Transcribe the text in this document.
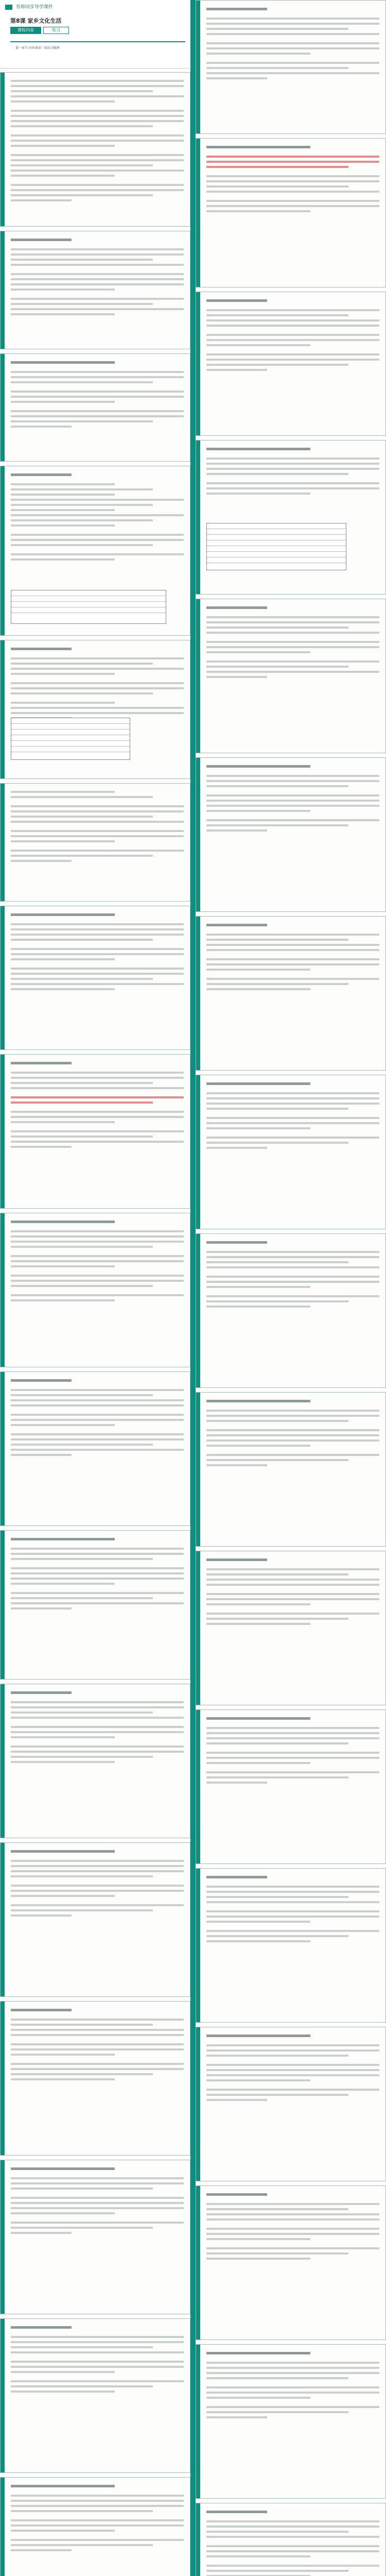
名师同步导学课件
第8课 家乡文化生活
课程内容	练习
第一章节 内容导读 · 知识点梳理
